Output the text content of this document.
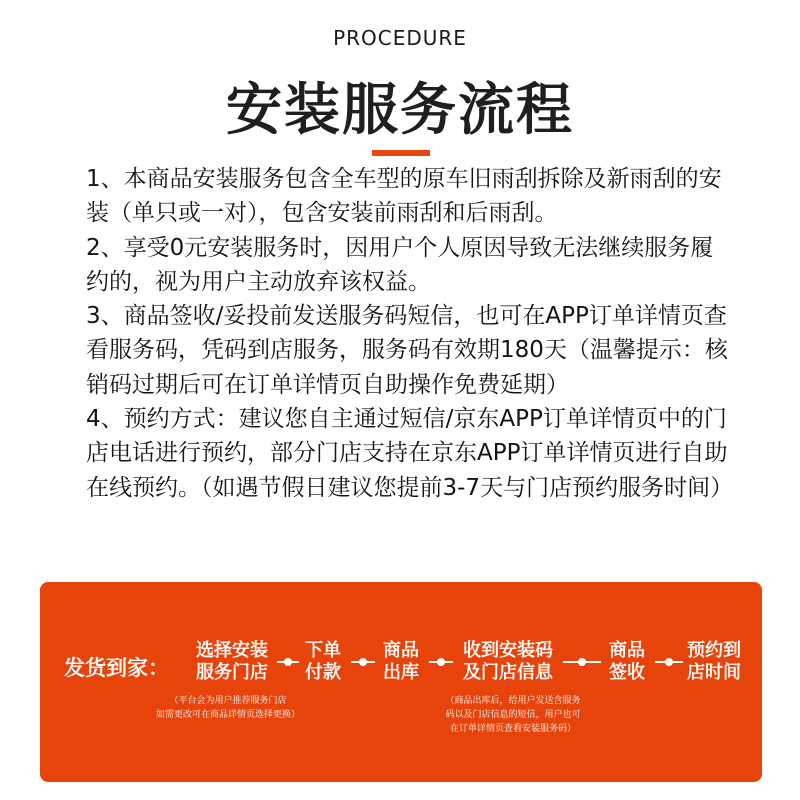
PROCEDURE
安装服务流程

1、本商品安装服务包含全车型的原车旧雨刮拆除及新雨刮的安装（单只或一对），包含安装前雨刮和后雨刮。

2、享受0元安装服务时，因用户个人原因导致无法继续服务履约的，视为用户主动放弃该权益。

3、商品签收/妥投前发送服务码短信，也可在APP订单详情页查看服务码，凭码到店服务，服务码有效期180天（温馨提示：核销码过期后可在订单详情页自助操作免费延期）

4、预约方式：建议您自主通过短信/京东APP订单详情页中的门店电话进行预约，部分门店支持在京东APP订单详情页进行自助在线预约。（如遇节假日建议您提前3-7天与门店预约服务时间）

发货到家：
选择安装
服务门店
下单
付款
商品
出库
收到安装码
及门店信息
商品
签收
预约到
店时间
（平台会为用户推荐服务门店
如需更改可在商品详情页选择更换）
（商品出库后，给用户发送含服务
码以及门店信息的短信，用户也可
在订单详情页查看安装服务码）
